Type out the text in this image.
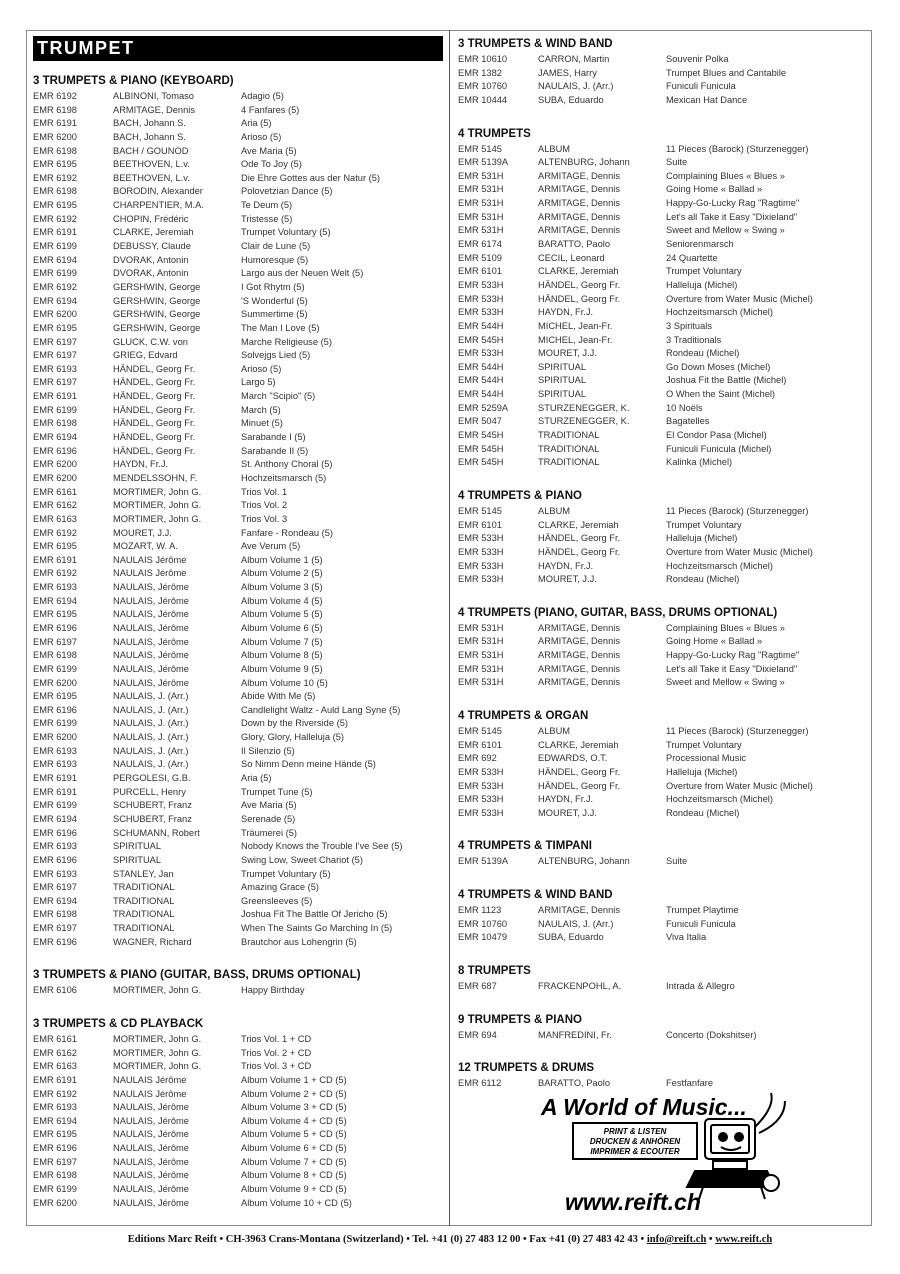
TRUMPET
3 TRUMPETS & PIANO (KEYBOARD)
EMR 6192	ALBINONI, Tomaso	Adagio (5)
EMR 6198	ARMITAGE, Dennis	4 Fanfares (5)
EMR 6191	BACH, Johann S.	Aria (5)
EMR 6200	BACH, Johann S.	Arioso (5)
EMR 6198	BACH / GOUNOD	Ave Maria (5)
EMR 6195	BEETHOVEN, L.v.	Ode To Joy (5)
EMR 6192	BEETHOVEN, L.v.	Die Ehre Gottes aus der Natur (5)
EMR 6198	BORODIN, Alexander	Polovetzian Dance (5)
EMR 6195	CHARPENTIER, M.A.	Te Deum (5)
EMR 6192	CHOPIN, Frédéric	Tristesse (5)
EMR 6191	CLARKE, Jeremiah	Trumpet Voluntary (5)
EMR 6199	DEBUSSY, Claude	Clair de Lune (5)
EMR 6194	DVORAK, Antonin	Humoresque (5)
EMR 6199	DVORAK, Antonin	Largo aus der Neuen Welt (5)
EMR 6192	GERSHWIN, George	I Got Rhytm (5)
EMR 6194	GERSHWIN, George	'S Wonderful (5)
EMR 6200	GERSHWIN, George	Summertime (5)
EMR 6195	GERSHWIN, George	The Man I Love (5)
EMR 6197	GLUCK, C.W. von	Marche Religieuse (5)
EMR 6197	GRIEG, Edvard	Solvejgs Lied (5)
EMR 6193	HÄNDEL, Georg Fr.	Arioso (5)
EMR 6197	HÄNDEL, Georg Fr.	Largo 5)
EMR 6191	HÄNDEL, Georg Fr.	March "Scipio" (5)
EMR 6199	HÄNDEL, Georg Fr.	March (5)
EMR 6198	HÄNDEL, Georg Fr.	Minuet (5)
EMR 6194	HÄNDEL, Georg Fr.	Sarabande I (5)
EMR 6196	HÄNDEL, Georg Fr.	Sarabande II (5)
EMR 6200	HAYDN, Fr.J.	St. Anthony Choral (5)
EMR 6200	MENDELSSOHN, F.	Hochzeitsmarsch (5)
EMR 6161	MORTIMER, John G.	Trios Vol. 1
EMR 6162	MORTIMER, John G.	Trios Vol. 2
EMR 6163	MORTIMER, John G.	Trios Vol. 3
EMR 6192	MOURET, J.J.	Fanfare - Rondeau (5)
EMR 6195	MOZART, W. A.	Ave Verum (5)
EMR 6191	NAULAIS Jérôme	Album Volume 1 (5)
EMR 6192	NAULAIS Jérôme	Album Volume 2 (5)
EMR 6193	NAULAIS, Jérôme	Album Volume 3 (5)
EMR 6194	NAULAIS, Jérôme	Album Volume 4 (5)
EMR 6195	NAULAIS, Jérôme	Album Volume 5 (5)
EMR 6196	NAULAIS, Jérôme	Album Volume 6 (5)
EMR 6197	NAULAIS, Jérôme	Album Volume 7 (5)
EMR 6198	NAULAIS, Jérôme	Album Volume 8 (5)
EMR 6199	NAULAIS, Jérôme	Album Volume 9 (5)
EMR 6200	NAULAIS, Jérôme	Album Volume 10 (5)
EMR 6195	NAULAIS, J. (Arr.)	Abide With Me (5)
EMR 6196	NAULAIS, J. (Arr.)	Candlelight Waltz - Auld Lang Syne (5)
EMR 6199	NAULAIS, J. (Arr.)	Down by the Riverside (5)
EMR 6200	NAULAIS, J. (Arr.)	Glory, Glory, Halleluja (5)
EMR 6193	NAULAIS, J. (Arr.)	Il Silenzio (5)
EMR 6193	NAULAIS, J. (Arr.)	So Nimm Denn meine Hände (5)
EMR 6191	PERGOLESI, G.B.	Aria (5)
EMR 6191	PURCELL, Henry	Trumpet Tune (5)
EMR 6199	SCHUBERT, Franz	Ave Maria (5)
EMR 6194	SCHUBERT, Franz	Serenade (5)
EMR 6196	SCHUMANN, Robert	Träumerei (5)
EMR 6193	SPIRITUAL	Nobody Knows the Trouble I've See (5)
EMR 6196	SPIRITUAL	Swing Low, Sweet Chariot (5)
EMR 6193	STANLEY, Jan	Trumpet Voluntary (5)
EMR 6197	TRADITIONAL	Amazing Grace (5)
EMR 6194	TRADITIONAL	Greensleeves (5)
EMR 6198	TRADITIONAL	Joshua Fit The Battle Of Jericho (5)
EMR 6197	TRADITIONAL	When The Saints Go Marching In (5)
EMR 6196	WAGNER, Richard	Brautchor aus Lohengrin (5)
3 TRUMPETS & PIANO (GUITAR, BASS, DRUMS OPTIONAL)
EMR 6106	MORTIMER, John G.	Happy Birthday
3 TRUMPETS & CD PLAYBACK
EMR 6161	MORTIMER, John G.	Trios Vol. 1 + CD
EMR 6162	MORTIMER, John G.	Trios Vol. 2 + CD
EMR 6163	MORTIMER, John G.	Trios Vol. 3 + CD
EMR 6191	NAULAIS Jérôme	Album Volume 1 + CD (5)
EMR 6192	NAULAIS Jérôme	Album Volume 2 + CD (5)
EMR 6193	NAULAIS, Jérôme	Album Volume 3 + CD (5)
EMR 6194	NAULAIS, Jérôme	Album Volume 4 + CD (5)
EMR 6195	NAULAIS, Jérôme	Album Volume 5 + CD (5)
EMR 6196	NAULAIS, Jérôme	Album Volume 6 + CD (5)
EMR 6197	NAULAIS, Jérôme	Album Volume 7 + CD (5)
EMR 6198	NAULAIS, Jérôme	Album Volume 8 + CD (5)
EMR 6199	NAULAIS, Jérôme	Album Volume 9 + CD (5)
EMR 6200	NAULAIS, Jérôme	Album Volume 10 + CD (5)
3 TRUMPETS & WIND BAND
EMR 10610	CARRON, Martin	Souvenir Polka
EMR 1382	JAMES, Harry	Trumpet Blues and Cantabile
EMR 10760	NAULAIS, J. (Arr.)	Funiculi Funicula
EMR 10444	SUBA, Eduardo	Mexican Hat Dance
4 TRUMPETS
EMR 5145	ALBUM	11 Pieces (Barock) (Sturzenegger)
EMR 5139A	ALTENBURG, Johann	Suite
EMR 531H	ARMITAGE, Dennis	Complaining Blues « Blues »
EMR 531H	ARMITAGE, Dennis	Going Home « Ballad »
EMR 531H	ARMITAGE, Dennis	Happy-Go-Lucky Rag "Ragtime"
EMR 531H	ARMITAGE, Dennis	Let's all Take it Easy "Dixieland"
EMR 531H	ARMITAGE, Dennis	Sweet and Mellow « Swing »
EMR 6174	BARATTO, Paolo	Seniorenmarsch
EMR 5109	CECIL, Leonard	24 Quartette
EMR 6101	CLARKE, Jeremiah	Trumpet Voluntary
EMR 533H	HÄNDEL, Georg Fr.	Halleluja (Michel)
EMR 533H	HÄNDEL, Georg Fr.	Overture from Water Music (Michel)
EMR 533H	HAYDN, Fr.J.	Hochzeitsmarsch (Michel)
EMR 544H	MICHEL, Jean-Fr.	3 Spirituals
EMR 545H	MICHEL, Jean-Fr.	3 Traditionals
EMR 533H	MOURET, J.J.	Rondeau (Michel)
EMR 544H	SPIRITUAL	Go Down Moses (Michel)
EMR 544H	SPIRITUAL	Joshua Fit the Battle (Michel)
EMR 544H	SPIRITUAL	O When the Saint (Michel)
EMR 5259A	STURZENEGGER, K.	10 Noëls
EMR 5047	STURZENEGGER, K.	Bagatelles
EMR 545H	TRADITIONAL	El Condor Pasa (Michel)
EMR 545H	TRADITIONAL	Funiculi Funicula (Michel)
EMR 545H	TRADITIONAL	Kalinka (Michel)
4 TRUMPETS & PIANO
EMR 5145	ALBUM	11 Pieces (Barock) (Sturzenegger)
EMR 6101	CLARKE, Jeremiah	Trumpet Voluntary
EMR 533H	HÄNDEL, Georg Fr.	Halleluja (Michel)
EMR 533H	HÄNDEL, Georg Fr.	Overture from Water Music (Michel)
EMR 533H	HAYDN, Fr.J.	Hochzeitsmarsch (Michel)
EMR 533H	MOURET, J.J.	Rondeau (Michel)
4 TRUMPETS (PIANO, GUITAR, BASS, DRUMS OPTIONAL)
EMR 531H	ARMITAGE, Dennis	Complaining Blues « Blues »
EMR 531H	ARMITAGE, Dennis	Going Home « Ballad »
EMR 531H	ARMITAGE, Dennis	Happy-Go-Lucky Rag "Ragtime"
EMR 531H	ARMITAGE, Dennis	Let's all Take it Easy "Dixieland"
EMR 531H	ARMITAGE, Dennis	Sweet and Mellow « Swing »
4 TRUMPETS & ORGAN
EMR 5145	ALBUM	11 Pieces (Barock) (Sturzenegger)
EMR 6101	CLARKE, Jeremiah	Trumpet Voluntary
EMR 692	EDWARDS, O.T.	Processional Music
EMR 533H	HÄNDEL, Georg Fr.	Halleluja (Michel)
EMR 533H	HÄNDEL, Georg Fr.	Overture from Water Music (Michel)
EMR 533H	HAYDN, Fr.J.	Hochzeitsmarsch (Michel)
EMR 533H	MOURET, J.J.	Rondeau (Michel)
4 TRUMPETS & TIMPANI
EMR 5139A	ALTENBURG, Johann	Suite
4 TRUMPETS & WIND BAND
EMR 1123	ARMITAGE, Dennis	Trumpet Playtime
EMR 10760	NAULAIS, J. (Arr.)	Funiculi Funicula
EMR 10479	SUBA, Eduardo	Viva Italia
8 TRUMPETS
EMR 687	FRACKENPOHL, A.	Intrada & Allegro
9 TRUMPETS & PIANO
EMR 694	MANFREDINI, Fr.	Concerto (Dokshitser)
12 TRUMPETS & DRUMS
EMR 6112	BARATTO, Paolo	Festfanfare
A World of Music...
PRINT & LISTEN
DRUCKEN & ANHÖREN
IMPRIMER & ECOUTER
www.reift.ch
Editions Marc Reift • CH-3963 Crans-Montana (Switzerland) • Tel. +41 (0) 27 483 12 00 • Fax +41 (0) 27 483 42 43 • info@reift.ch • www.reift.ch
